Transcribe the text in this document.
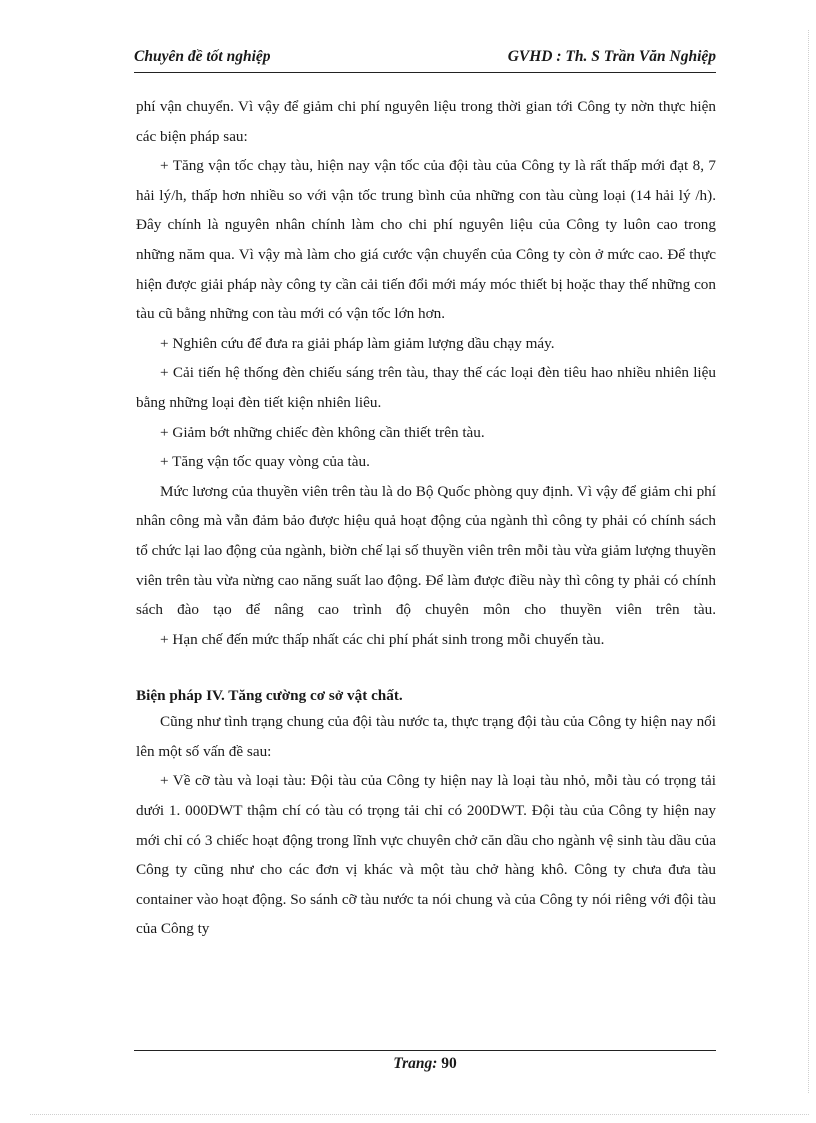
Chuyên đề tốt nghiệp	GVHD : Th. S Trần Văn Nghiệp

phí vận chuyển. Vì vậy để giảm chi phí nguyên liệu trong thời gian tới Công ty nờn thực hiện các biện pháp sau:

+ Tăng vận tốc chạy tàu, hiện nay vận tốc của đội tàu của Công ty là rất thấp mới đạt 8, 7 hải lý/h, thấp hơn nhiều so với vận tốc trung bình của những con tàu cùng loại (14 hải lý /h). Đây chính là nguyên nhân chính làm cho chi phí nguyên liệu của Công ty luôn cao trong những năm qua. Vì vậy mà làm cho giá cước vận chuyển của Công ty còn ở mức cao. Để thực hiện được giải pháp này công ty cần cải tiến đổi mới máy móc thiết bị hoặc thay thế những con tàu cũ bằng những con tàu mới có vận tốc lớn hơn.

+ Nghiên cứu để đưa ra giải pháp làm giảm lượng dầu chạy máy.

+ Cải tiến hệ thống đèn chiếu sáng trên tàu, thay thế các loại đèn tiêu hao nhiều nhiên liệu bằng những loại đèn tiết kiện nhiên liêu.

+ Giảm bớt những chiếc đèn không cần thiết trên tàu.

+ Tăng vận tốc quay vòng của tàu.

Mức lương của thuyền viên trên tàu là do Bộ Quốc phòng quy định. Vì vậy để giảm chi phí nhân công mà vẫn đảm bảo được hiệu quả hoạt động của ngành thì công ty phải có chính sách tổ chức lại lao động của ngành, biờn chế lại số thuyền viên trên mỗi tàu vừa giảm lượng thuyền viên trên tàu vừa nừng cao năng suất lao động. Để làm được điều này thì công ty phải có chính sách đào tạo để nâng cao trình độ chuyên môn cho thuyền viên trên tàu.

+ Hạn chế đến mức thấp nhất các chi phí phát sinh trong mỗi chuyến tàu.

Biện pháp IV. Tăng cường cơ sở vật chất.

Cũng như tình trạng chung của đội tàu nước ta, thực trạng đội tàu của Công ty hiện nay nổi lên một số vấn đề sau:

+ Về cỡ tàu và loại tàu: Đội tàu của Công ty hiện nay là loại tàu nhỏ, mỗi tàu có trọng tải dưới 1. 000DWT thậm chí có tàu có trọng tải chỉ có 200DWT. Đội tàu của Công ty hiện nay mới chỉ có 3 chiếc hoạt động trong lĩnh vực chuyên chở căn dầu cho ngành vệ sinh tàu dầu của Công ty cũng như cho các đơn vị khác và một tàu chở hàng khô. Công ty chưa đưa tàu container vào hoạt động. So sánh cỡ tàu nước ta nói chung và của Công ty nói riêng với đội tàu của Công ty

Trang: 90
